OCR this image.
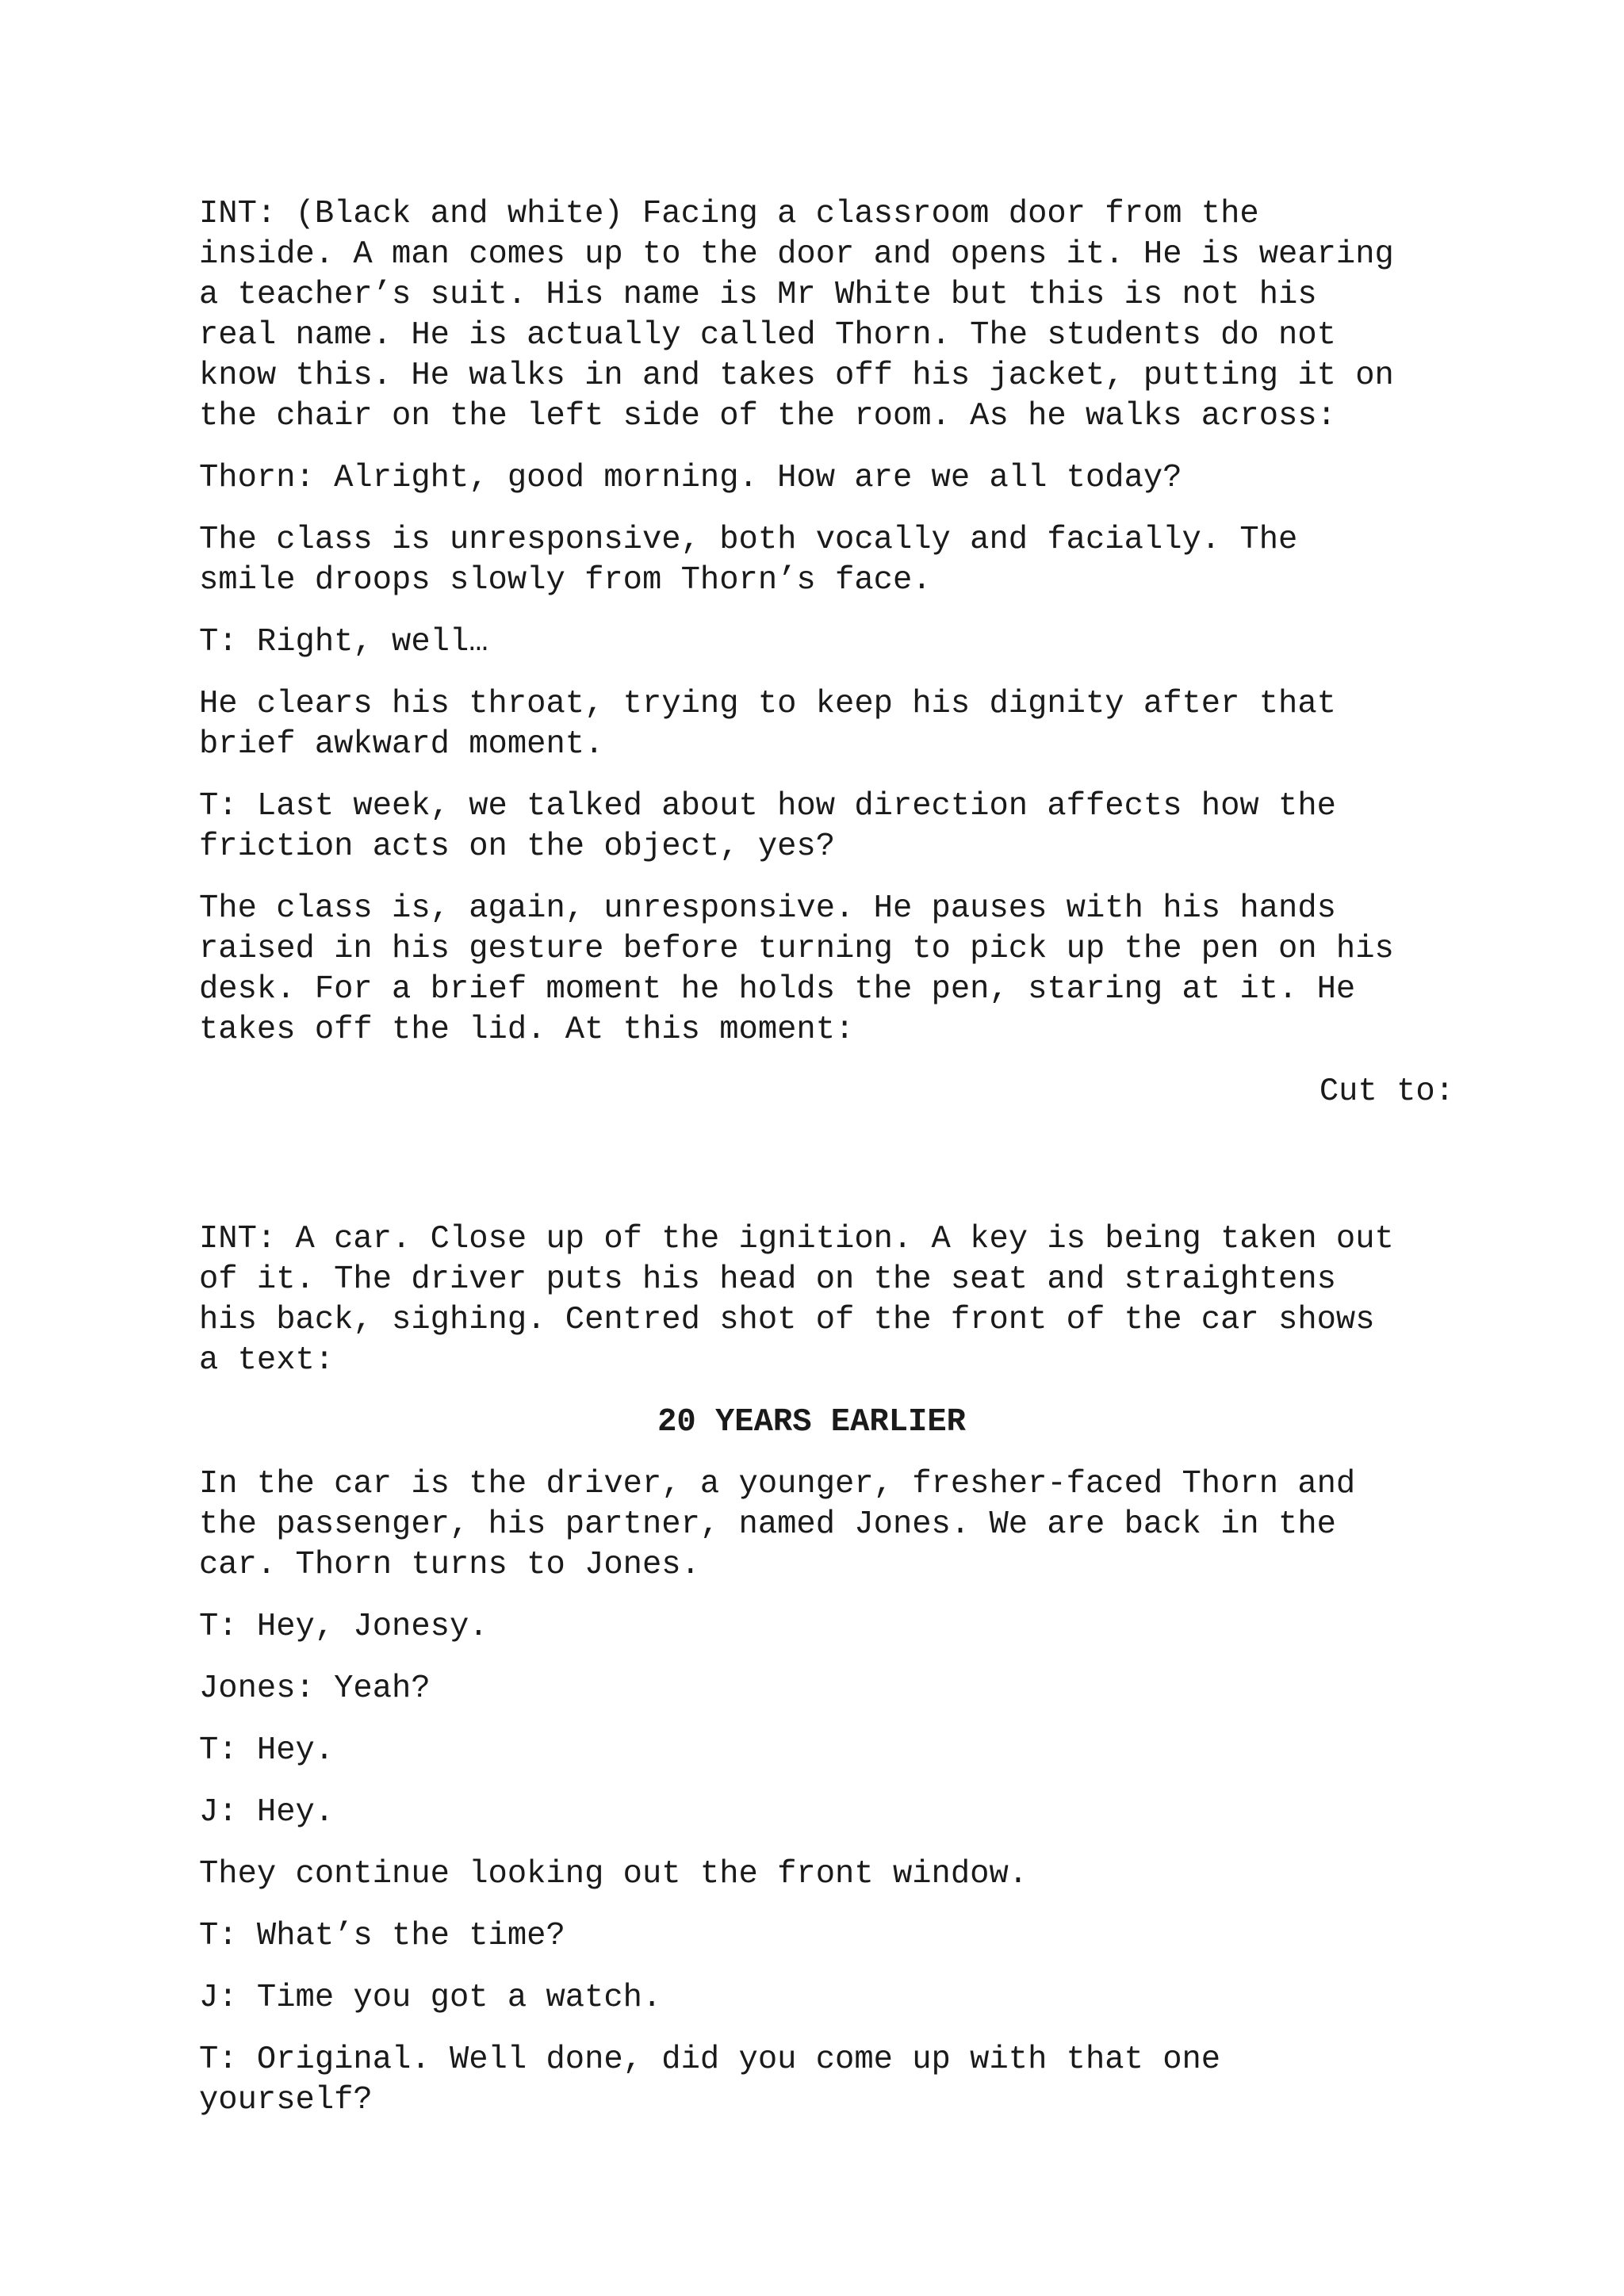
INT: (Black and white) Facing a classroom door from the
inside. A man comes up to the door and opens it. He is wearing
a teacher’s suit. His name is Mr White but this is not his
real name. He is actually called Thorn. The students do not
know this. He walks in and takes off his jacket, putting it on
the chair on the left side of the room. As he walks across:

Thorn: Alright, good morning. How are we all today?

The class is unresponsive, both vocally and facially. The
smile droops slowly from Thorn’s face.

T: Right, well…

He clears his throat, trying to keep his dignity after that
brief awkward moment.

T: Last week, we talked about how direction affects how the
friction acts on the object, yes?

The class is, again, unresponsive. He pauses with his hands
raised in his gesture before turning to pick up the pen on his
desk. For a brief moment he holds the pen, staring at it. He
takes off the lid. At this moment:

Cut to:

INT: A car. Close up of the ignition. A key is being taken out
of it. The driver puts his head on the seat and straightens
his back, sighing. Centred shot of the front of the car shows
a text:

20 YEARS EARLIER

In the car is the driver, a younger, fresher-faced Thorn and
the passenger, his partner, named Jones. We are back in the
car. Thorn turns to Jones.

T: Hey, Jonesy.

Jones: Yeah?

T: Hey.

J: Hey.

They continue looking out the front window.

T: What’s the time?

J: Time you got a watch.

T: Original. Well done, did you come up with that one
yourself?
